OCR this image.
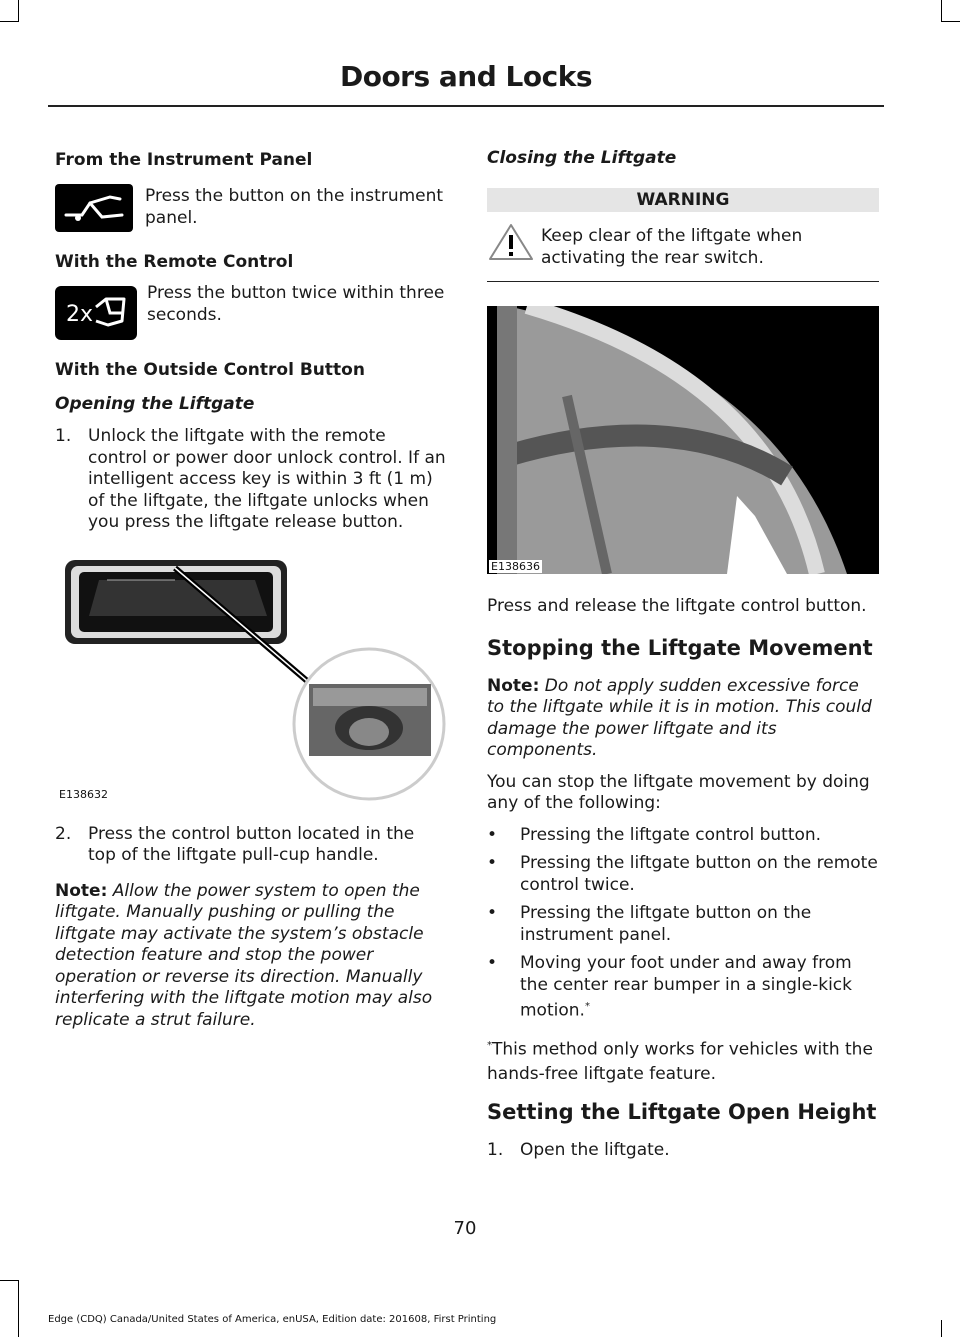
Doors and Locks
From the Instrument Panel
Press the button on the instrument panel.
With the Remote Control
2x
Press the button twice within three seconds.
With the Outside Control Button
Opening the Liftgate
1. Unlock the liftgate with the remote control or power door unlock control. If an intelligent access key is within 3 ft (1 m) of the liftgate, the liftgate unlocks when you press the liftgate release button.
E138632
2. Press the control button located in the top of the liftgate pull-cup handle.

Note: Allow the power system to open the liftgate. Manually pushing or pulling the liftgate may activate the system’s obstacle detection feature and stop the power operation or reverse its direction. Manually interfering with the liftgate motion may also replicate a strut failure.

Closing the Liftgate
WARNING
Keep clear of the liftgate when activating the rear switch.
E138636

Press and release the liftgate control button.

Stopping the Liftgate Movement

Note: Do not apply sudden excessive force to the liftgate while it is in motion. This could damage the power liftgate and its components.

You can stop the liftgate movement by doing any of the following:

• Pressing the liftgate control button.
• Pressing the liftgate button on the remote control twice.
• Pressing the liftgate button on the instrument panel.
• Moving your foot under and away from the center rear bumper in a single-kick motion.*

*This method only works for vehicles with the hands-free liftgate feature.

Setting the Liftgate Open Height
1. Open the liftgate.
70
Edge (CDQ) Canada/United States of America, enUSA, Edition date: 201608, First Printing
